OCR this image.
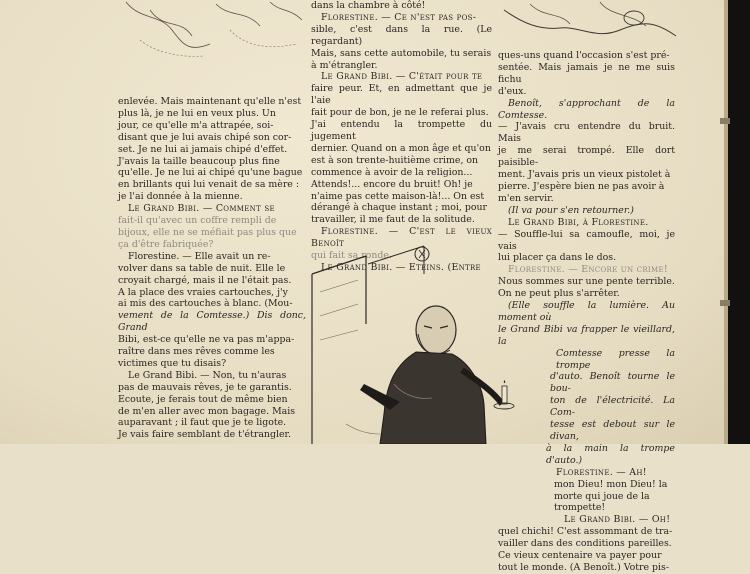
enlevée. Mais maintenant qu'elle n'est

plus là, je ne lui en veux plus. Un

jour, ce qu'elle m'a attrapée, soi-

disant que je lui avais chipé son cor-

set. Je ne lui ai jamais chipé d'effet.

J'avais la taille beaucoup plus fine

qu'elle. Je ne lui ai chipé qu'une bague

en brillants qui lui venait de sa mère :

je l'ai donnée à la mienne.

Le Grand Bibi. — Comment se

fait-il qu'avec un coffre rempli de

bijoux, elle ne se méfiait pas plus que

ça d'être fabriquée?

Florestine. — Elle avait un re-

volver dans sa table de nuit. Elle le

croyait chargé, mais il ne l'était pas.

A la place des vraies cartouches, j'y

ai mis des cartouches à blanc. (Mou-

vement de la Comtesse.) Dis donc, Grand

Bibi, est-ce qu'elle ne va pas m'appa-

raître dans mes rêves comme les

victimes que tu disais?

Le Grand Bibi. — Non, tu n'auras

pas de mauvais rêves, je te garantis.

Ecoute, je ferais tout de même bien

de m'en aller avec mon bagage. Mais

auparavant ; il faut que je te ligote.

Je vais faire semblant de t'étrangler.

dans la chambre à côté!

Florestine. — Ce n'est pas pos-

sible, c'est dans la rue. (Le regardant)

Mais, sans cette automobile, tu serais

à m'étrangler.

Le Grand Bibi. — C'était pour te

faire peur. Et, en admettant que je l'aie

fait pour de bon, je ne le referai plus.

J'ai entendu la trompette du jugement

dernier. Quand on a mon âge et qu'on

est à son trente-huitième crime, on

commence à avoir de la religion...

Attends!... encore du bruit! Oh! je

n'aime pas cette maison-là!... On est

dérangé à chaque instant ; moi, pour

travailler, il me faut de la solitude.

Florestine. — C'est le vieux Benoît

qui fait sa ronde.

Le Grand Bibi. — Eteins. (Entre

ques-uns quand l'occasion s'est pré-

sentée. Mais jamais je ne me suis fichu

d'eux.

Benoît, s'approchant de la Comtesse.

— J'avais cru entendre du bruit. Mais

je me serai trompé. Elle dort paisible-

ment. J'avais pris un vieux pistolet à

pierre. J'espère bien ne pas avoir à

m'en servir.

(Il va pour s'en retourner.)

Le Grand Bibi, à Florestine.

— Souffle-lui sa camoufle, moi, je vais

lui placer ça dans le dos.

Florestine. — Encore un crime!

Nous sommes sur une pente terrible.

On ne peut plus s'arrêter.

(Elle souffle la lumière. Au moment où

le Grand Bibi va frapper le vieillard, la

Comtesse presse la trompe

d'auto. Benoît tourne le bou-

ton de l'électricité. La Com-

tesse est debout sur le divan,

à la main la trompe d'auto.)

Florestine. — Ah!

mon Dieu! mon Dieu! la

morte qui joue de la

trompette!

Le Grand Bibi. — Oh!

quel chichi! C'est assommant de tra-

vailler dans des conditions pareilles.

Ce vieux centenaire va payer pour

tout le monde. (A Benoît.) Votre pis-
